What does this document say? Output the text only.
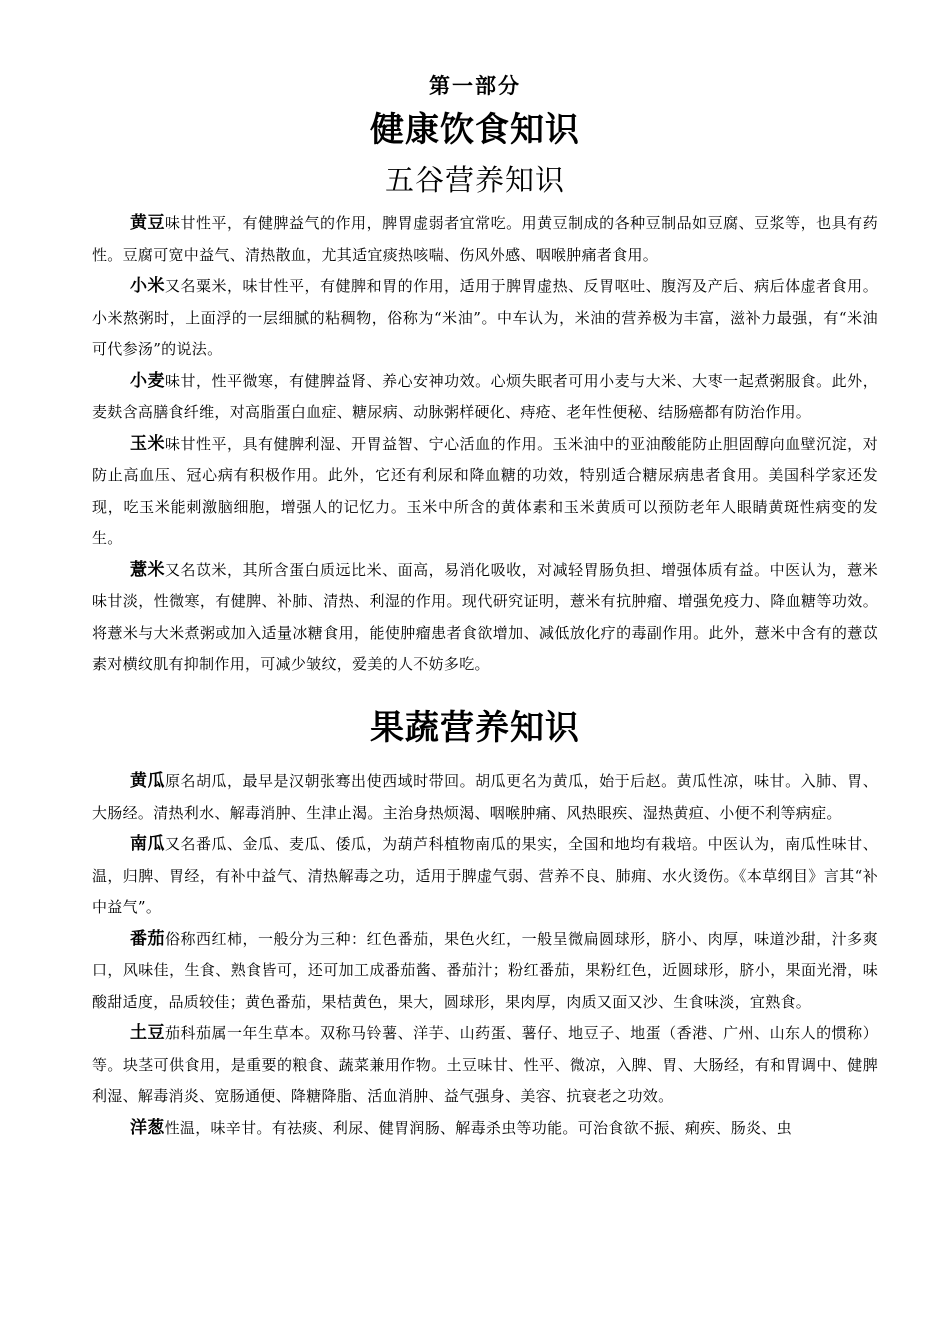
第一部分
健康饮食知识
五谷营养知识

黄豆味甘性平，有健脾益气的作用，脾胃虚弱者宜常吃。用黄豆制成的各种豆制品如豆腐、豆浆等，也具有药性。豆腐可宽中益气、清热散血，尤其适宜痰热咳喘、伤风外感、咽喉肿痛者食用。

小米又名粟米，味甘性平，有健脾和胃的作用，适用于脾胃虚热、反胃呕吐、腹泻及产后、病后体虚者食用。小米熬粥时，上面浮的一层细腻的粘稠物，俗称为“米油”。中车认为，米油的营养极为丰富，滋补力最强，有“米油可代参汤”的说法。

小麦味甘，性平微寒，有健脾益肾、养心安神功效。心烦失眠者可用小麦与大米、大枣一起煮粥服食。此外，麦麸含高膳食纤维，对高脂蛋白血症、糖尿病、动脉粥样硬化、痔疮、老年性便秘、结肠癌都有防治作用。

玉米味甘性平，具有健脾利湿、开胃益智、宁心活血的作用。玉米油中的亚油酸能防止胆固醇向血壁沉淀，对防止高血压、冠心病有积极作用。此外，它还有利尿和降血糖的功效，特别适合糖尿病患者食用。美国科学家还发现，吃玉米能刺激脑细胞，增强人的记忆力。玉米中所含的黄体素和玉米黄质可以预防老年人眼睛黄斑性病变的发生。

薏米又名苡米，其所含蛋白质远比米、面高，易消化吸收，对减轻胃肠负担、增强体质有益。中医认为，薏米味甘淡，性微寒，有健脾、补肺、清热、利湿的作用。现代研究证明，薏米有抗肿瘤、增强免疫力、降血糖等功效。将薏米与大米煮粥或加入适量冰糖食用，能使肿瘤患者食欲增加、减低放化疗的毒副作用。此外，薏米中含有的薏苡素对横纹肌有抑制作用，可减少皱纹，爱美的人不妨多吃。

果蔬营养知识

黄瓜原名胡瓜，最早是汉朝张骞出使西域时带回。胡瓜更名为黄瓜，始于后赵。黄瓜性凉，味甘。入肺、胃、大肠经。清热利水、解毒消肿、生津止渴。主治身热烦渴、咽喉肿痛、风热眼疾、湿热黄疸、小便不利等病症。

南瓜又名番瓜、金瓜、麦瓜、倭瓜，为葫芦科植物南瓜的果实，全国和地均有栽培。中医认为，南瓜性味甘、温，归脾、胃经，有补中益气、清热解毒之功，适用于脾虚气弱、营养不良、肺痈、水火烫伤。《本草纲目》言其“补中益气”。

番茄俗称西红柿，一般分为三种：红色番茄，果色火红，一般呈微扁圆球形，脐小、肉厚，味道沙甜，汁多爽口，风味佳，生食、熟食皆可，还可加工成番茄酱、番茄汁；粉红番茄，果粉红色，近圆球形，脐小，果面光滑，味酸甜适度，品质较佳；黄色番茄，果桔黄色，果大，圆球形，果肉厚，肉质又面又沙、生食味淡，宜熟食。

土豆茄科茄属一年生草本。双称马铃薯、洋芋、山药蛋、薯仔、地豆子、地蛋（香港、广州、山东人的惯称）等。块茎可供食用，是重要的粮食、蔬菜兼用作物。土豆味甘、性平、微凉，入脾、胃、大肠经，有和胃调中、健脾利湿、解毒消炎、宽肠通便、降糖降脂、活血消肿、益气强身、美容、抗衰老之功效。

洋葱性温，味辛甘。有祛痰、利尿、健胃润肠、解毒杀虫等功能。可治食欲不振、痢疾、肠炎、虫
